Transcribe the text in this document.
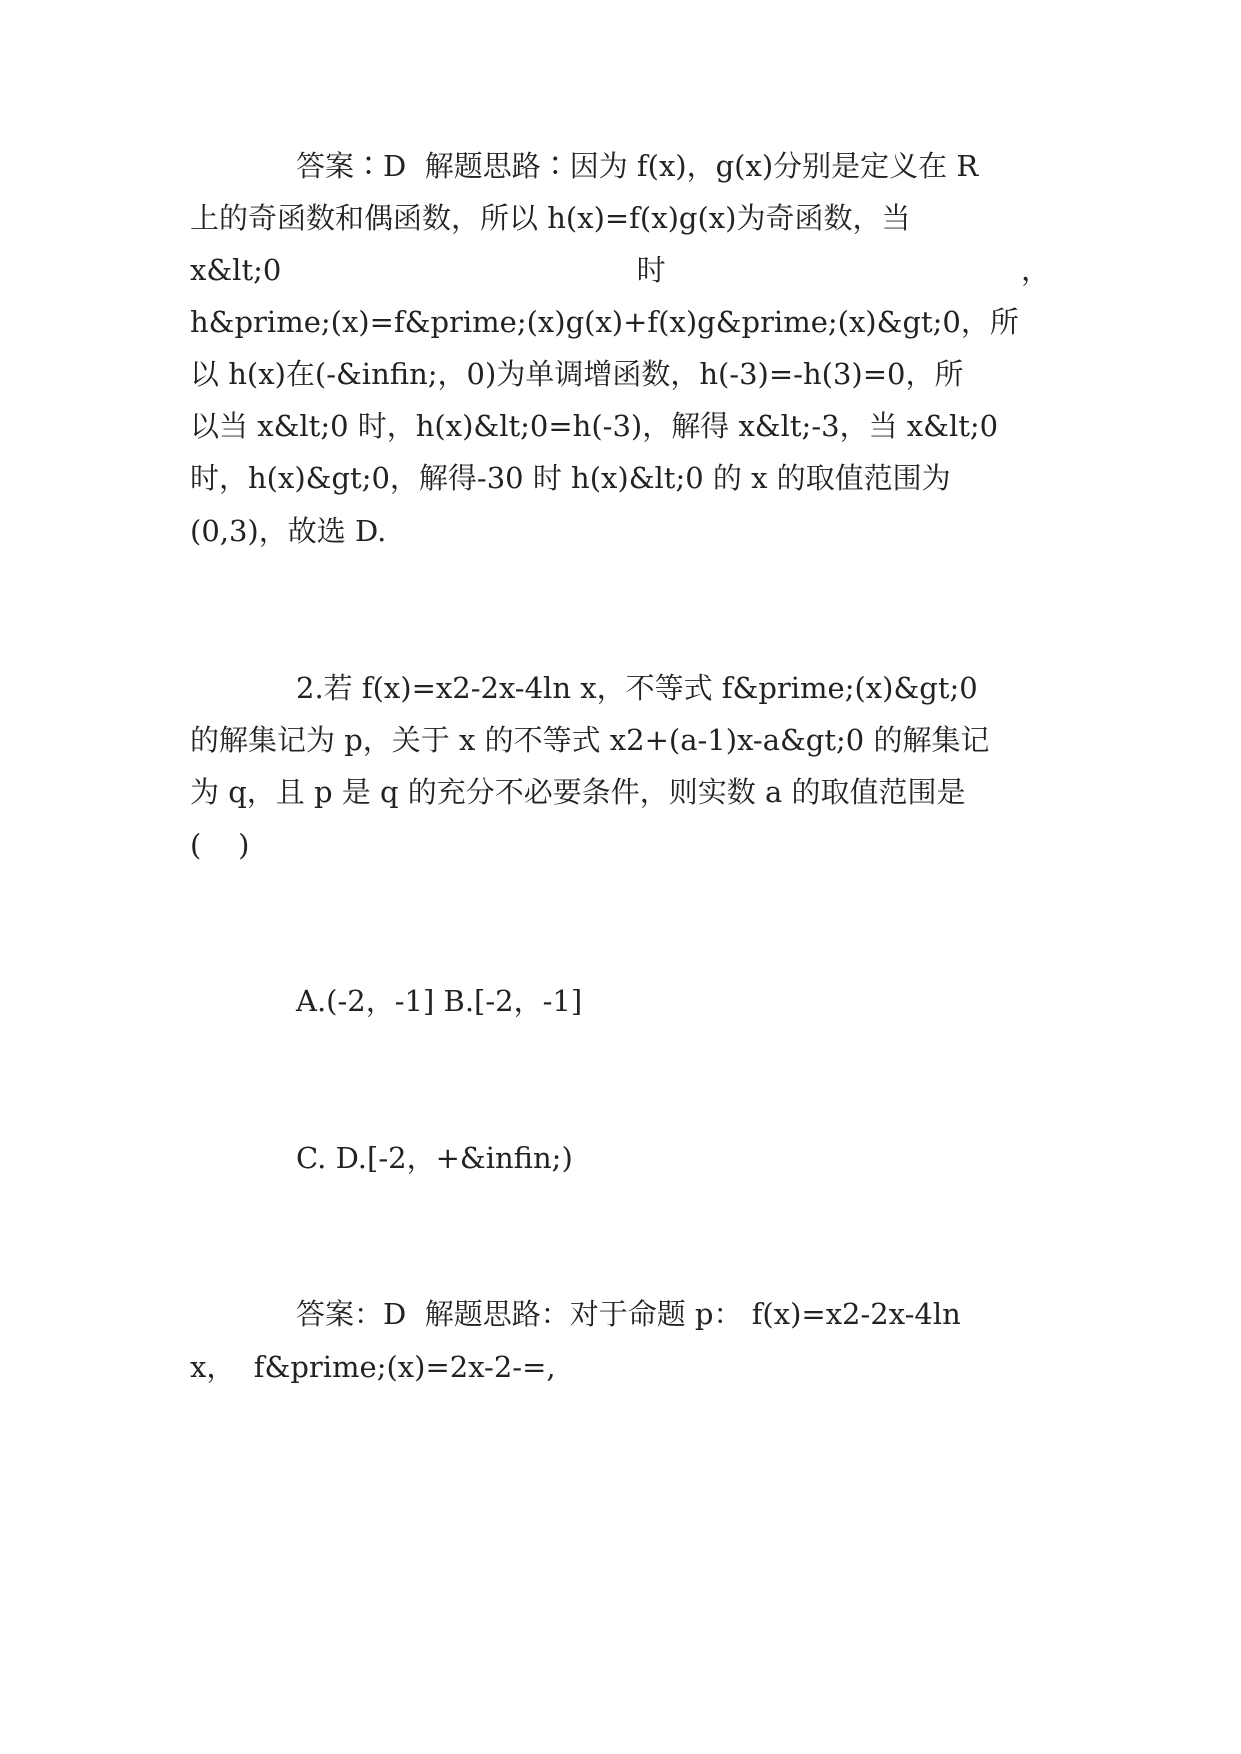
答案∶D  解题思路∶因为 f(x)，g(x)分别是定义在 R
上的奇函数和偶函数，所以 h(x)=f(x)g(x)为奇函数，当
x&lt;0	时	，
h&prime;(x)=f&prime;(x)g(x)+f(x)g&prime;(x)&gt;0，所
以 h(x)在(-&infin;，0)为单调增函数，h(-3)=-h(3)=0，所
以当 x&lt;0 时，h(x)&lt;0=h(-3)，解得 x&lt;-3，当 x&lt;0
时，h(x)&gt;0，解得-30 时 h(x)&lt;0 的 x 的取值范围为
(0,3)，故选 D.
2.若 f(x)=x2-2x-4ln x，不等式 f&prime;(x)&gt;0
的解集记为 p，关于 x 的不等式 x2+(a-1)x-a&gt;0 的解集记
为 q，且 p 是 q 的充分不必要条件，则实数 a 的取值范围是
(    )
A.(-2，-1] B.[-2，-1]
C. D.[-2，+&infin;)
答案：D  解题思路：对于命题 p： f(x)=x2-2x-4ln
x，  f&prime;(x)=2x-2-=,
